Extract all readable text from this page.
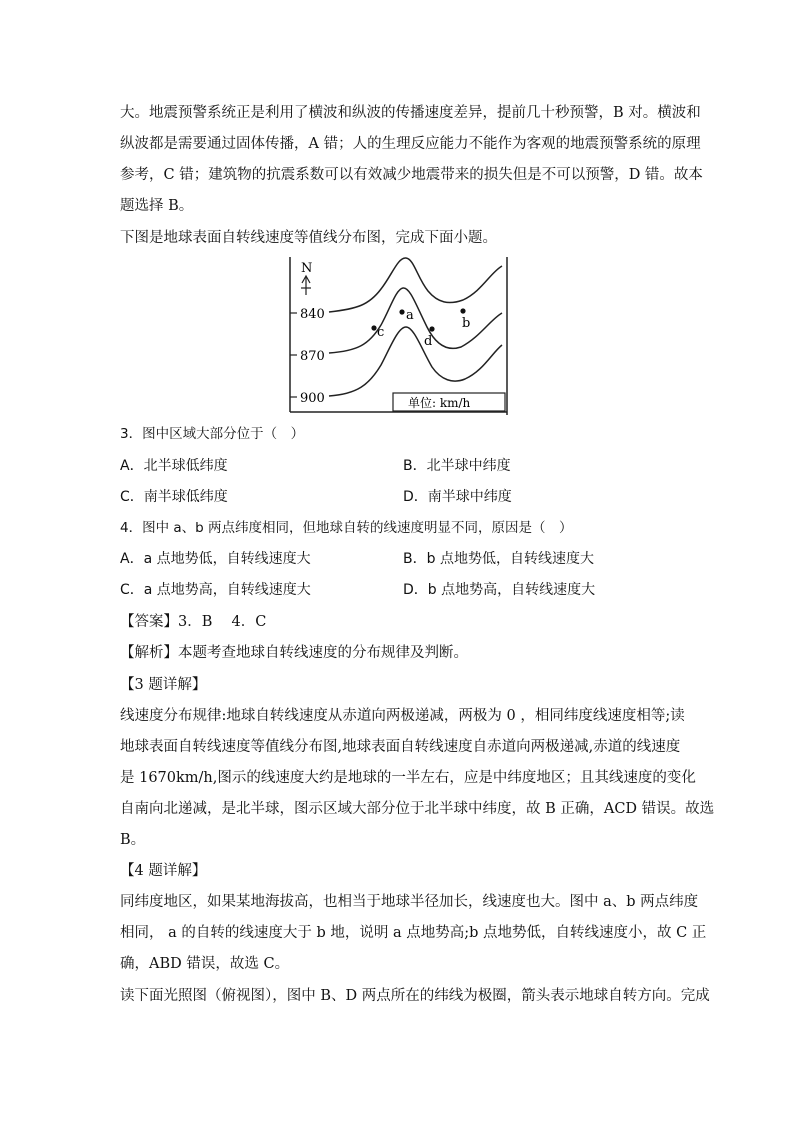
大。地震预警系统正是利用了横波和纵波的传播速度差异，提前几十秒预警，B 对。横波和
纵波都是需要通过固体传播，A 错；人的生理反应能力不能作为客观的地震预警系统的原理
参考，C 错；建筑物的抗震系数可以有效减少地震带来的损失但是不可以预警，D 错。故本
题选择 B。
下图是地球表面自转线速度等值线分布图，完成下面小题。
N
840
870
900
a
b
c
d
单位: km/h
3．图中区域大部分位于（　）
A．北半球低纬度	B．北半球中纬度
C．南半球低纬度	D．南半球中纬度
4．图中 a、b 两点纬度相同，但地球自转的线速度明显不同，原因是（　）
A．a 点地势低，自转线速度大	B．b 点地势低，自转线速度大
C．a 点地势高，自转线速度大	D．b 点地势高，自转线速度大
【答案】3．B　 4．C
【解析】本题考查地球自转线速度的分布规律及判断。
【3 题详解】
线速度分布规律:地球自转线速度从赤道向两极递减，两极为 0 ，相同纬度线速度相等;读
地球表面自转线速度等值线分布图,地球表面自转线速度自赤道向两极递减,赤道的线速度
是 1670km/h,图示的线速度大约是地球的一半左右，应是中纬度地区；且其线速度的变化
自南向北递减，是北半球，图示区域大部分位于北半球中纬度，故 B 正确，ACD 错误。故选
B。
【4 题详解】
同纬度地区，如果某地海拔高，也相当于地球半径加长，线速度也大。图中 a、b 两点纬度
相同， a 的自转的线速度大于 b 地，说明 a 点地势高;b 点地势低，自转线速度小，故 C 正
确，ABD 错误，故选 C。
读下面光照图（俯视图），图中 B、D 两点所在的纬线为极圈，箭头表示地球自转方向。完成
